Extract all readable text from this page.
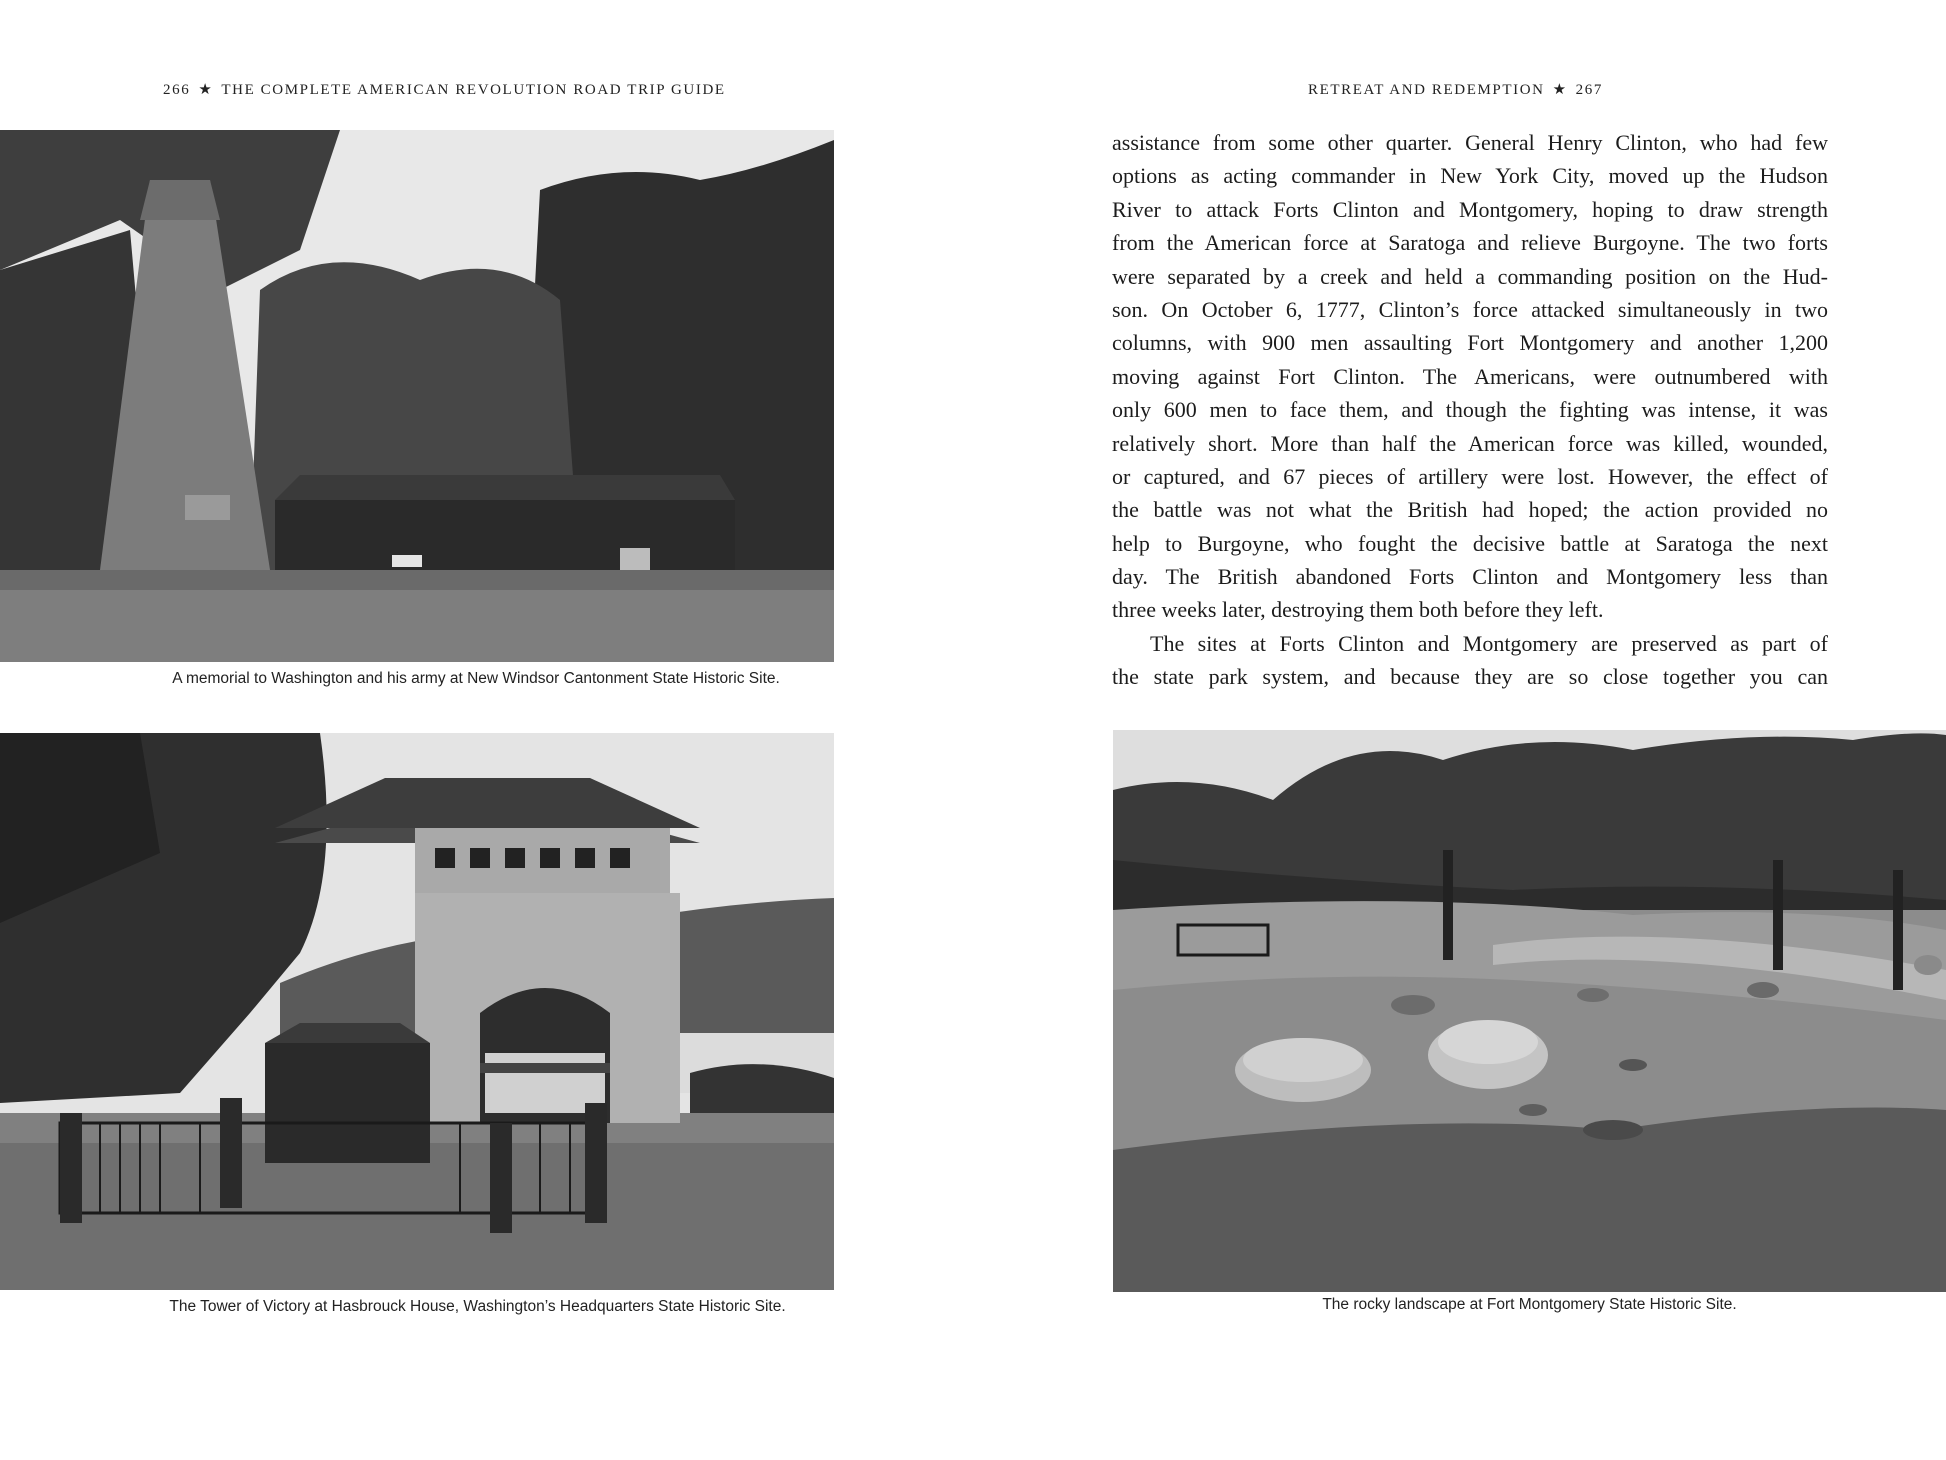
266 ★ THE COMPLETE AMERICAN REVOLUTION ROAD TRIP GUIDE
A memorial to Washington and his army at New Windsor Cantonment State Historic Site.
The Tower of Victory at Hasbrouck House, Washington’s Headquarters State Historic Site.
RETREAT AND REDEMPTION ★ 267
assistance from some other quarter. General Henry Clinton, who had few
options as acting commander in New York City, moved up the Hudson
River to attack Forts Clinton and Montgomery, hoping to draw strength
from the American force at Saratoga and relieve Burgoyne. The two forts
were separated by a creek and held a commanding position on the Hud-
son. On October 6, 1777, Clinton’s force attacked simultaneously in two
columns, with 900 men assaulting Fort Montgomery and another 1,200
moving against Fort Clinton. The Americans, were outnumbered with
only 600 men to face them, and though the fighting was intense, it was
relatively short. More than half the American force was killed, wounded,
or captured, and 67 pieces of artillery were lost. However, the effect of
the battle was not what the British had hoped; the action provided no
help to Burgoyne, who fought the decisive battle at Saratoga the next
day. The British abandoned Forts Clinton and Montgomery less than
three weeks later, destroying them both before they left.
The sites at Forts Clinton and Montgomery are preserved as part of
the state park system, and because they are so close together you can
The rocky landscape at Fort Montgomery State Historic Site.
